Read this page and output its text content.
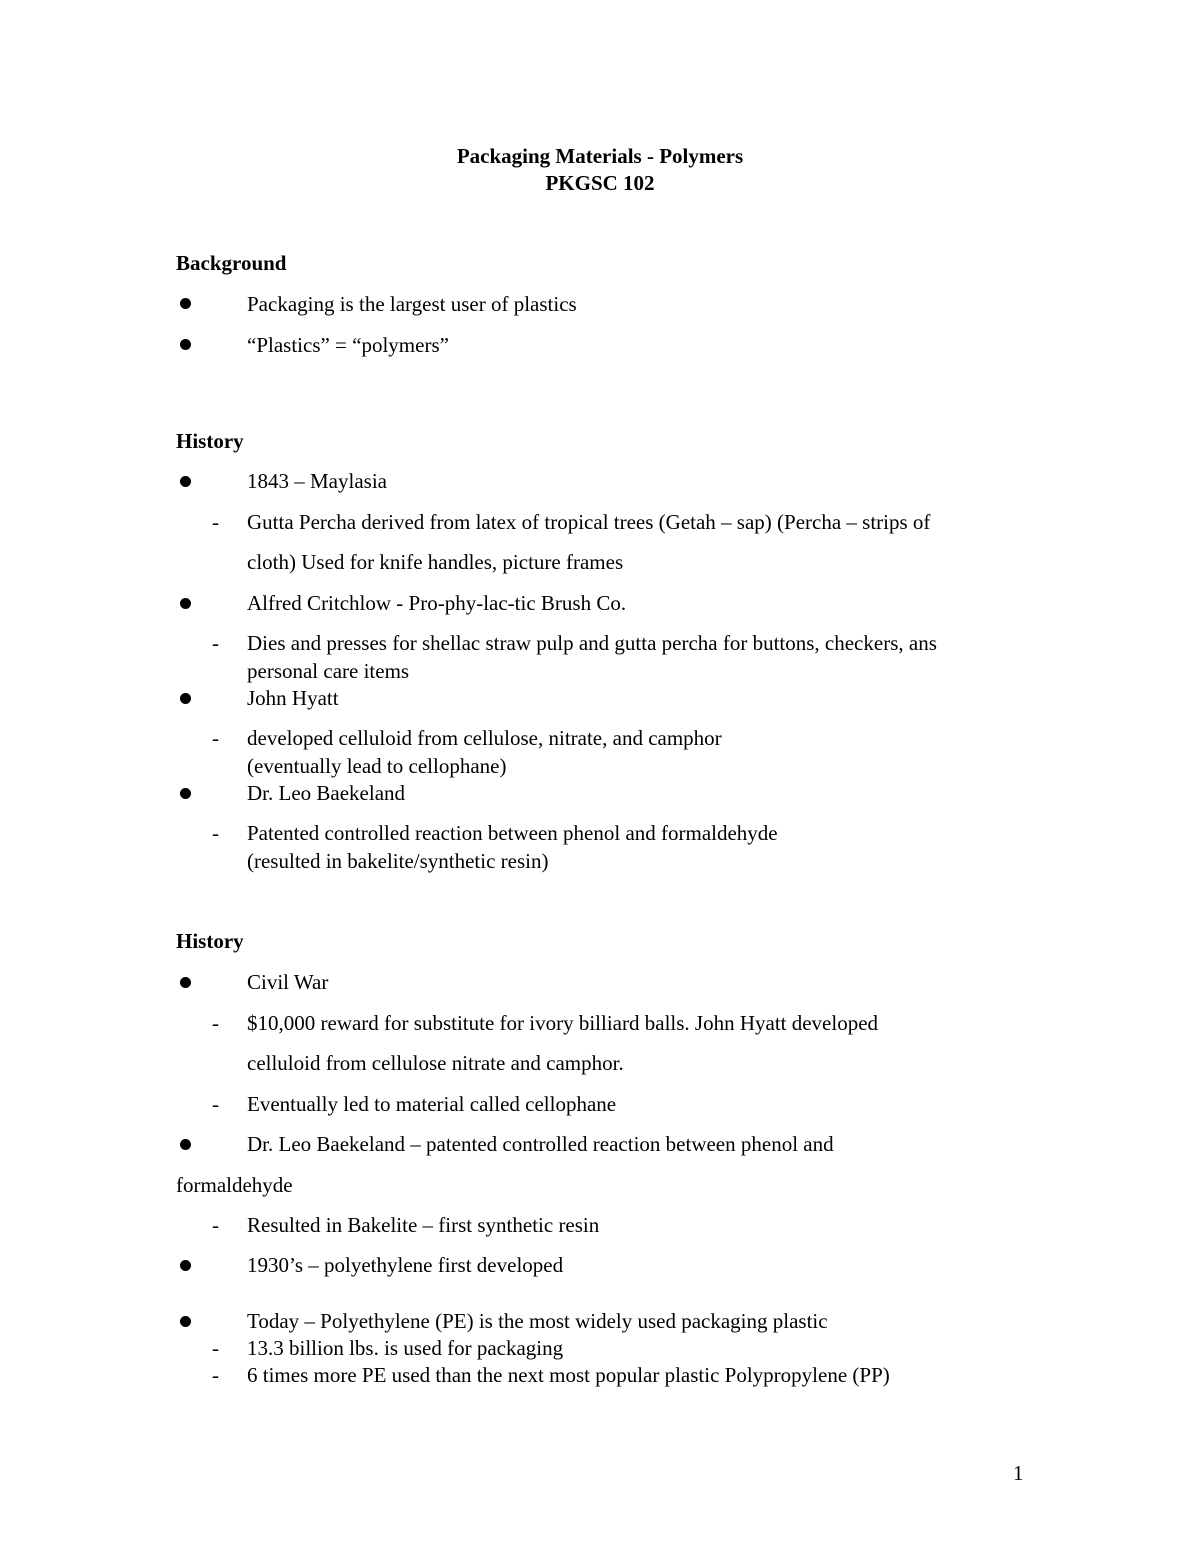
Packaging Materials - Polymers
PKGSC 102
Background
Packaging is the largest user of plastics
“Plastics” = “polymers”
History
1843 – Maylasia
- Gutta Percha derived from latex of tropical trees (Getah – sap) (Percha – strips of
cloth) Used for knife handles, picture frames
Alfred Critchlow - Pro-phy-lac-tic Brush Co.
- Dies and presses for shellac straw pulp and gutta percha for buttons, checkers, ans
personal care items
John Hyatt
- developed celluloid from cellulose, nitrate, and camphor
(eventually lead to cellophane)
Dr. Leo Baekeland
- Patented controlled reaction between phenol and formaldehyde
(resulted in bakelite/synthetic resin)
History
Civil War
- $10,000 reward for substitute for ivory billiard balls. John Hyatt developed
celluloid from cellulose nitrate and camphor.
- Eventually led to material called cellophane
Dr. Leo Baekeland – patented controlled reaction between phenol and
formaldehyde
- Resulted in Bakelite – first synthetic resin
1930’s – polyethylene first developed
Today – Polyethylene (PE) is the most widely used packaging plastic
- 13.3 billion lbs. is used for packaging
- 6 times more PE used than the next most popular plastic Polypropylene (PP)
1
